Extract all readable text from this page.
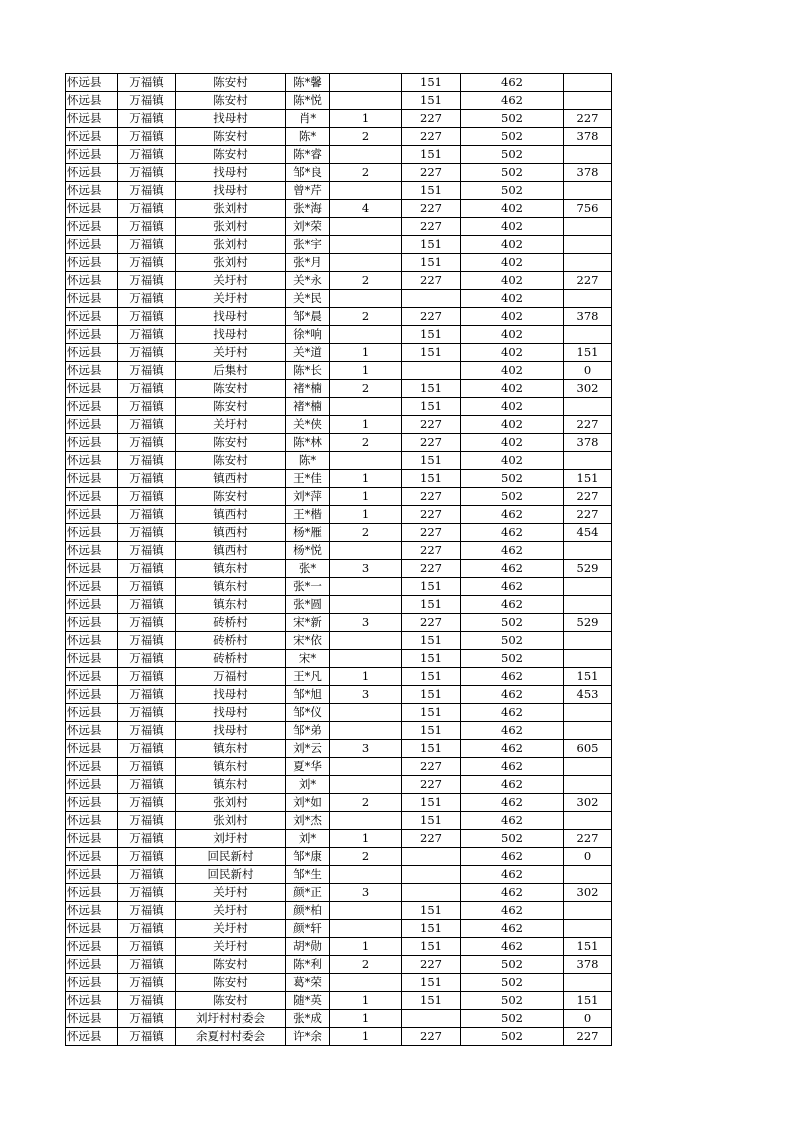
怀远县	万福镇	陈安村	陈*馨		151	462	
怀远县	万福镇	陈安村	陈*悦		151	462	
怀远县	万福镇	找母村	肖*	1	227	502	227
怀远县	万福镇	陈安村	陈*	2	227	502	378
怀远县	万福镇	陈安村	陈*睿		151	502	
怀远县	万福镇	找母村	邹*良	2	227	502	378
怀远县	万福镇	找母村	曾*芹		151	502	
怀远县	万福镇	张刘村	张*海	4	227	402	756
怀远县	万福镇	张刘村	刘*荣		227	402	
怀远县	万福镇	张刘村	张*宇		151	402	
怀远县	万福镇	张刘村	张*月		151	402	
怀远县	万福镇	关圩村	关*永	2	227	402	227
怀远县	万福镇	关圩村	关*民			402	
怀远县	万福镇	找母村	邹*晨	2	227	402	378
怀远县	万福镇	找母村	徐*响		151	402	
怀远县	万福镇	关圩村	关*道	1	151	402	151
怀远县	万福镇	后集村	陈*长	1		402	0
怀远县	万福镇	陈安村	褚*楠	2	151	402	302
怀远县	万福镇	陈安村	褚*楠		151	402	
怀远县	万福镇	关圩村	关*侠	1	227	402	227
怀远县	万福镇	陈安村	陈*林	2	227	402	378
怀远县	万福镇	陈安村	陈*		151	402	
怀远县	万福镇	镇西村	王*佳	1	151	502	151
怀远县	万福镇	陈安村	刘*萍	1	227	502	227
怀远县	万福镇	镇西村	王*楷	1	227	462	227
怀远县	万福镇	镇西村	杨*雁	2	227	462	454
怀远县	万福镇	镇西村	杨*悦		227	462	
怀远县	万福镇	镇东村	张*	3	227	462	529
怀远县	万福镇	镇东村	张*一		151	462	
怀远县	万福镇	镇东村	张*圆		151	462	
怀远县	万福镇	砖桥村	宋*新	3	227	502	529
怀远县	万福镇	砖桥村	宋*依		151	502	
怀远县	万福镇	砖桥村	宋*		151	502	
怀远县	万福镇	万福村	王*凡	1	151	462	151
怀远县	万福镇	找母村	邹*旭	3	151	462	453
怀远县	万福镇	找母村	邹*仪		151	462	
怀远县	万福镇	找母村	邹*弟		151	462	
怀远县	万福镇	镇东村	刘*云	3	151	462	605
怀远县	万福镇	镇东村	夏*华		227	462	
怀远县	万福镇	镇东村	刘*		227	462	
怀远县	万福镇	张刘村	刘*如	2	151	462	302
怀远县	万福镇	张刘村	刘*杰		151	462	
怀远县	万福镇	刘圩村	刘*	1	227	502	227
怀远县	万福镇	回民新村	邹*康	2		462	0
怀远县	万福镇	回民新村	邹*生			462	
怀远县	万福镇	关圩村	颜*正	3		462	302
怀远县	万福镇	关圩村	颜*柏		151	462	
怀远县	万福镇	关圩村	颜*轩		151	462	
怀远县	万福镇	关圩村	胡*勋	1	151	462	151
怀远县	万福镇	陈安村	陈*利	2	227	502	378
怀远县	万福镇	陈安村	葛*荣		151	502	
怀远县	万福镇	陈安村	随*英	1	151	502	151
怀远县	万福镇	刘圩村村委会	张*成	1		502	0
怀远县	万福镇	余夏村村委会	许*余	1	227	502	227
